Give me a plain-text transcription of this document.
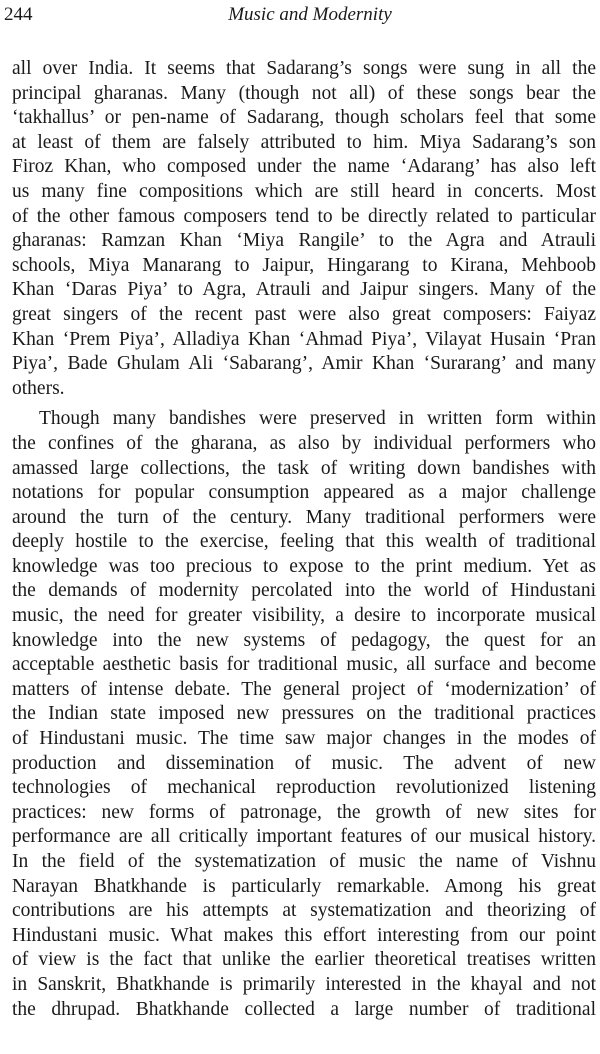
244	Music and Modernity
all over India. It seems that Sadarang’s songs were sung in all the
principal gharanas. Many (though not all) of these songs bear the
‘takhallus’ or pen-name of Sadarang, though scholars feel that some
at least of them are falsely attributed to him. Miya Sadarang’s son
Firoz Khan, who composed under the name ‘Adarang’ has also left
us many fine compositions which are still heard in concerts. Most
of the other famous composers tend to be directly related to particular
gharanas: Ramzan Khan ‘Miya Rangile’ to the Agra and Atrauli
schools, Miya Manarang to Jaipur, Hingarang to Kirana, Mehboob
Khan ‘Daras Piya’ to Agra, Atrauli and Jaipur singers. Many of the
great singers of the recent past were also great composers: Faiyaz
Khan ‘Prem Piya’, Alladiya Khan ‘Ahmad Piya’, Vilayat Husain ‘Pran
Piya’, Bade Ghulam Ali ‘Sabarang’, Amir Khan ‘Surarang’ and many
others.
Though many bandishes were preserved in written form within
the confines of the gharana, as also by individual performers who
amassed large collections, the task of writing down bandishes with
notations for popular consumption appeared as a major challenge
around the turn of the century. Many traditional performers were
deeply hostile to the exercise, feeling that this wealth of traditional
knowledge was too precious to expose to the print medium. Yet as
the demands of modernity percolated into the world of Hindustani
music, the need for greater visibility, a desire to incorporate musical
knowledge into the new systems of pedagogy, the quest for an
acceptable aesthetic basis for traditional music, all surface and become
matters of intense debate. The general project of ‘modernization’ of
the Indian state imposed new pressures on the traditional practices
of Hindustani music. The time saw major changes in the modes of
production and dissemination of music. The advent of new
technologies of mechanical reproduction revolutionized listening
practices: new forms of patronage, the growth of new sites for
performance are all critically important features of our musical history.
In the field of the systematization of music the name of Vishnu
Narayan Bhatkhande is particularly remarkable. Among his great
contributions are his attempts at systematization and theorizing of
Hindustani music. What makes this effort interesting from our point
of view is the fact that unlike the earlier theoretical treatises written
in Sanskrit, Bhatkhande is primarily interested in the khayal and not
the dhrupad. Bhatkhande collected a large number of traditional
